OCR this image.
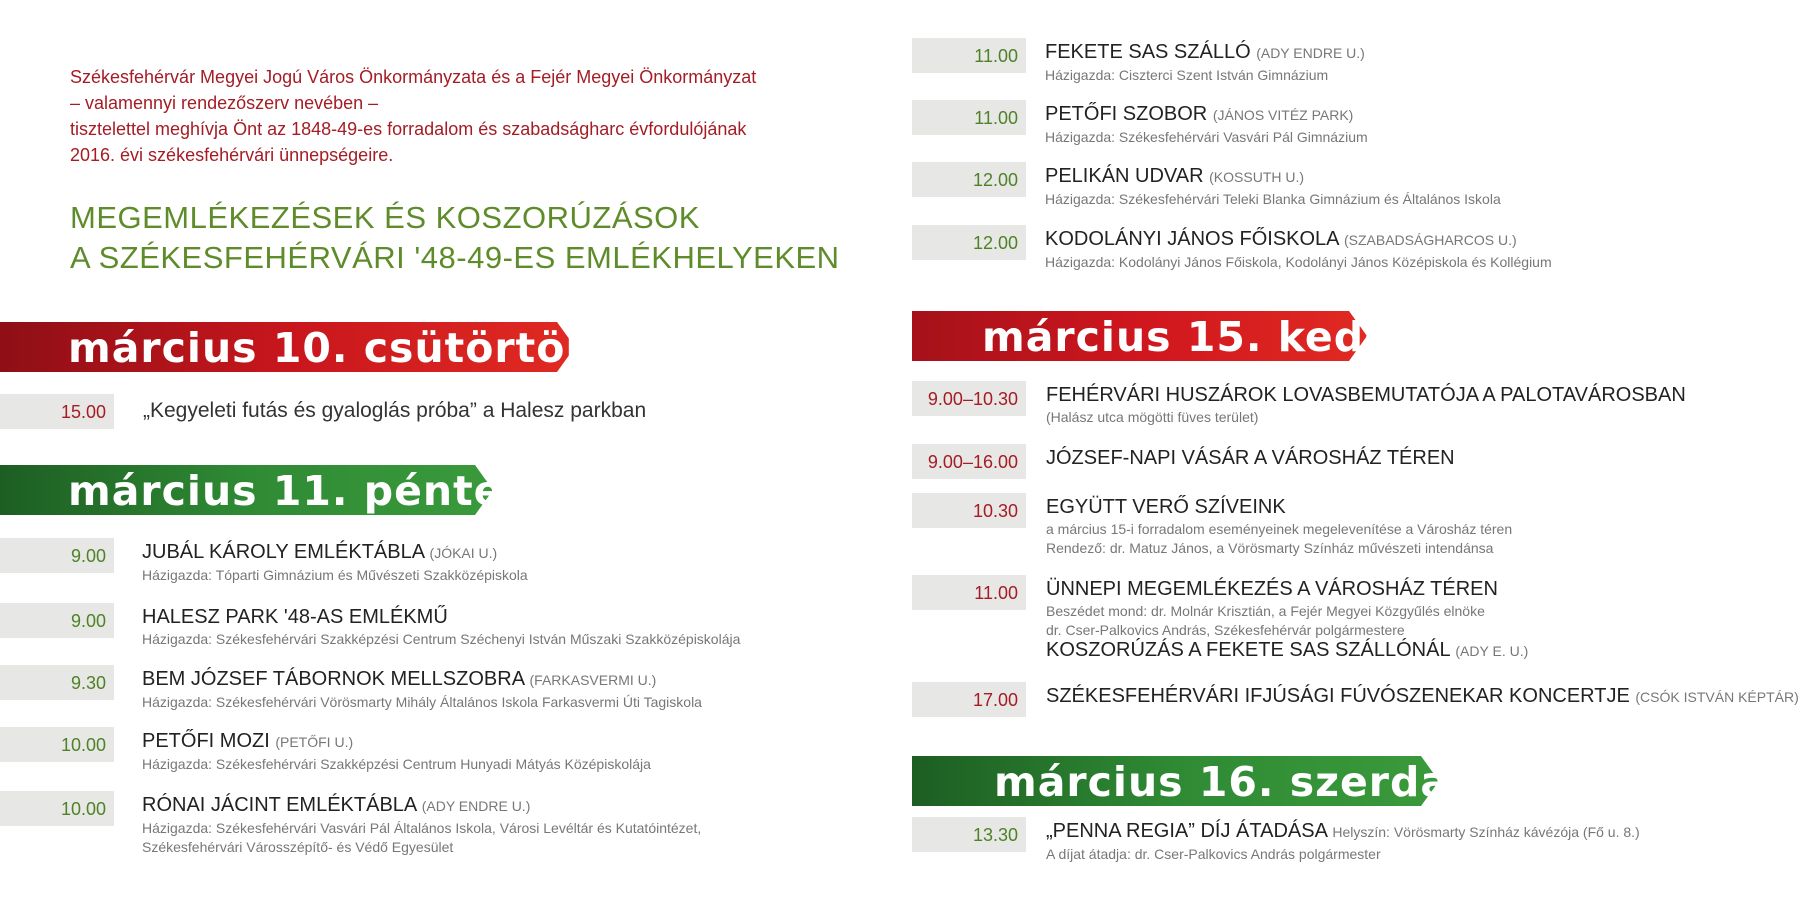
Székesfehérvár Megyei Jogú Város Önkormányzata és a Fejér Megyei Önkormányzat
– valamennyi rendezőszerv nevében –
tisztelettel meghívja Önt az 1848-49-es forradalom és szabadságharc évfordulójának
2016. évi székesfehérvári ünnepségeire.
MEGEMLÉKEZÉSEK ÉS KOSZORÚZÁSOK
A SZÉKESFEHÉRVÁRI '48-49-ES EMLÉKHELYEKEN
március 10. csütörtök
15.00 „Kegyeleti futás és gyaloglás próba” a Halesz parkban
március 11. péntek
9.00 JUBÁL KÁROLY EMLÉKTÁBLA (JÓKAI U.)
Házigazda: Tóparti Gimnázium és Művészeti Szakközépiskola
9.00 HALESZ PARK '48-AS EMLÉKMŰ
Házigazda: Székesfehérvári Szakképzési Centrum Széchenyi István Műszaki Szakközépiskolája
9.30 BEM JÓZSEF TÁBORNOK MELLSZOBRA (FARKASVERMI U.)
Házigazda: Székesfehérvári Vörösmarty Mihály Általános Iskola Farkasvermi Úti Tagiskola
10.00 PETŐFI MOZI (PETŐFI U.)
Házigazda: Székesfehérvári Szakképzési Centrum Hunyadi Mátyás Középiskolája
10.00 RÓNAI JÁCINT EMLÉKTÁBLA (ADY ENDRE U.)
Házigazda: Székesfehérvári Vasvári Pál Általános Iskola, Városi Levéltár és Kutatóintézet,
Székesfehérvári Városszépítő- és Védő Egyesület
11.00 FEKETE SAS SZÁLLÓ (ADY ENDRE U.)
Házigazda: Ciszterci Szent István Gimnázium
11.00 PETŐFI SZOBOR (JÁNOS VITÉZ PARK)
Házigazda: Székesfehérvári Vasvári Pál Gimnázium
12.00 PELIKÁN UDVAR (KOSSUTH U.)
Házigazda: Székesfehérvári Teleki Blanka Gimnázium és Általános Iskola
12.00 KODOLÁNYI JÁNOS FŐISKOLA (SZABADSÁGHARCOS U.)
Házigazda: Kodolányi János Főiskola, Kodolányi János Középiskola és Kollégium
március 15. kedd
9.00–10.30 FEHÉRVÁRI HUSZÁROK LOVASBEMUTATÓJA A PALOTAVÁROSBAN
(Halász utca mögötti füves terület)
9.00–16.00 JÓZSEF-NAPI VÁSÁR A VÁROSHÁZ TÉREN
10.30 EGYÜTT VERŐ SZÍVEINK
a március 15-i forradalom eseményeinek megelevenítése a Városház téren
Rendező: dr. Matuz János, a Vörösmarty Színház művészeti intendánsa
11.00 ÜNNEPI MEGEMLÉKEZÉS A VÁROSHÁZ TÉREN
Beszédet mond: dr. Molnár Krisztián, a Fejér Megyei Közgyűlés elnöke
dr. Cser-Palkovics András, Székesfehérvár polgármestere
KOSZORÚZÁS A FEKETE SAS SZÁLLÓNÁL (ADY E. U.)
17.00 SZÉKESFEHÉRVÁRI IFJÚSÁGI FÚVÓSZENEKAR KONCERTJE (CSÓK ISTVÁN KÉPTÁR)
március 16. szerda
13.30 „PENNA REGIA” DÍJ ÁTADÁSA Helyszín: Vörösmarty Színház kávézója (Fő u. 8.)
A díjat átadja: dr. Cser-Palkovics András polgármester
